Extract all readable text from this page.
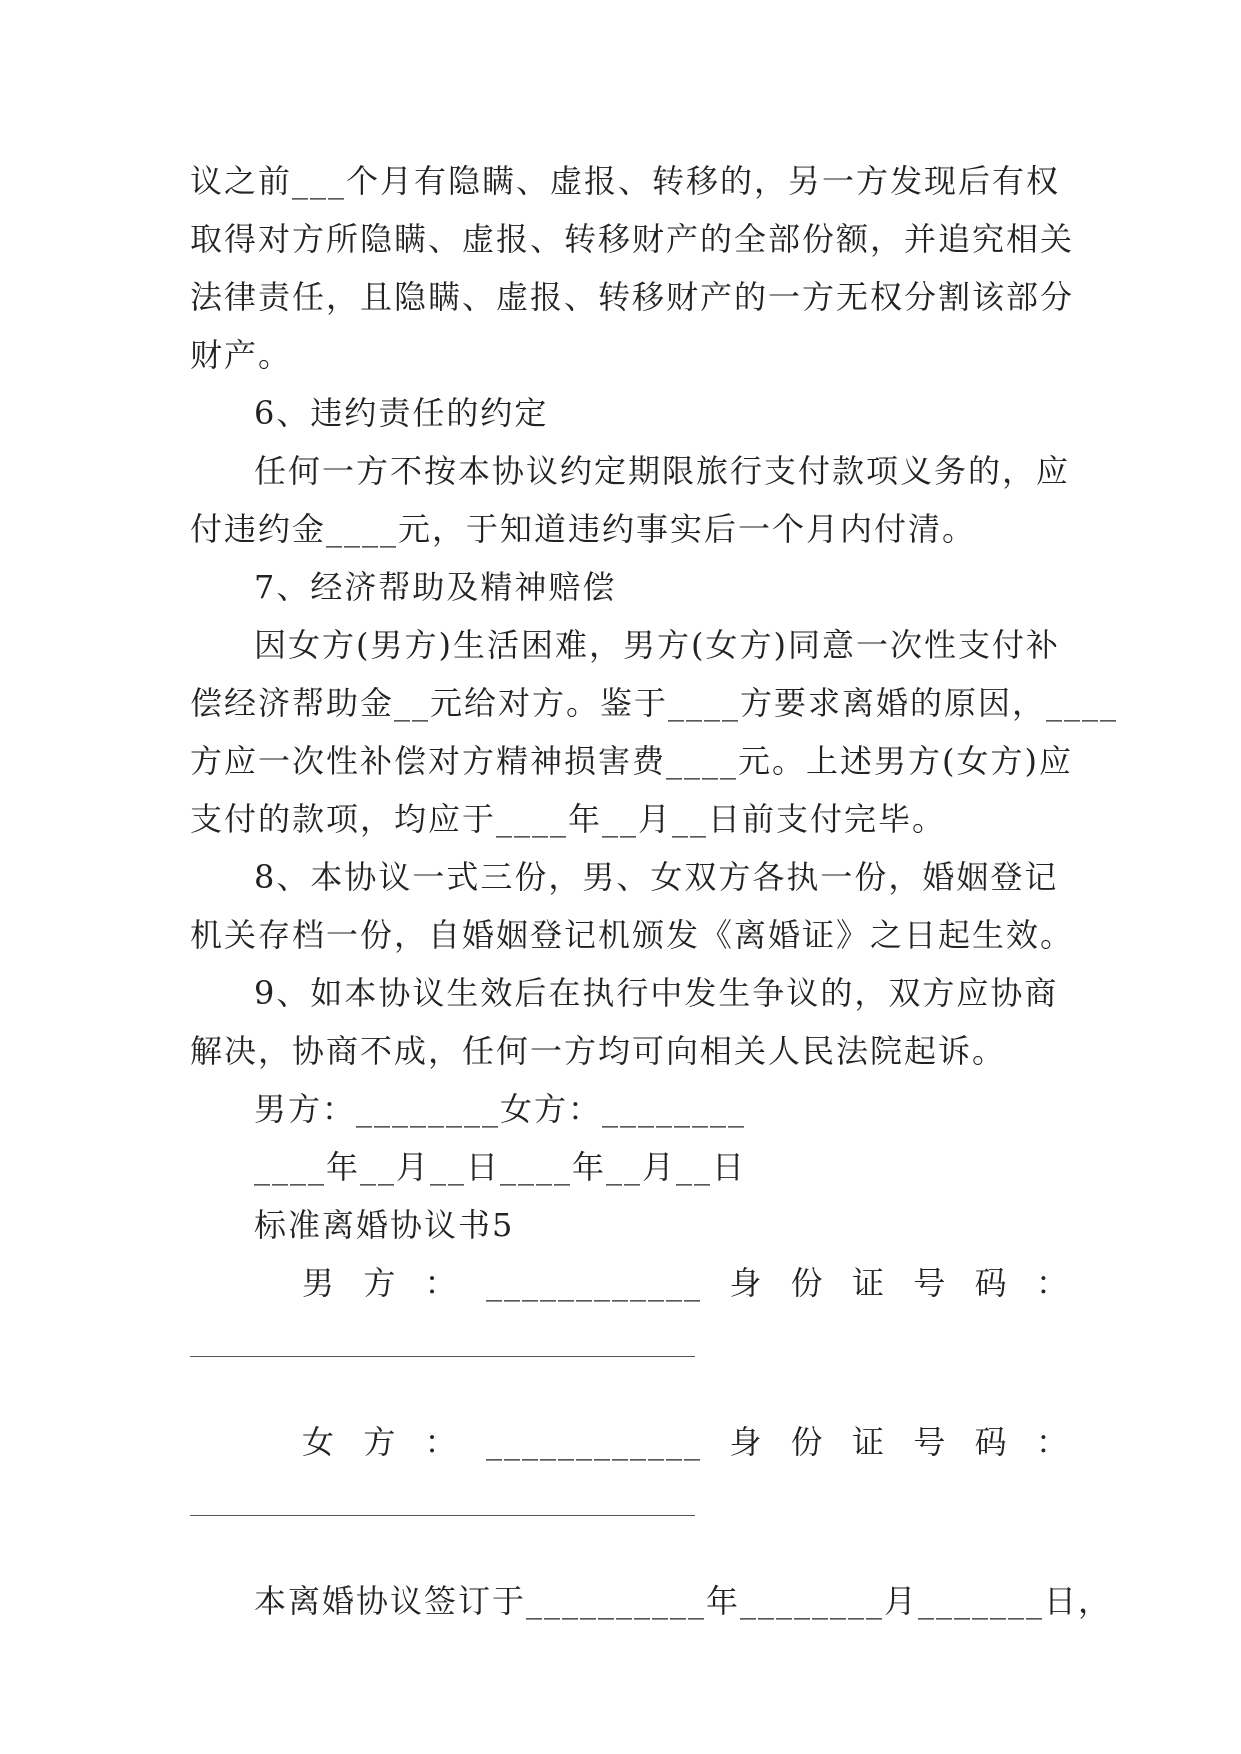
议之前___个月有隐瞒、虚报、转移的，另一方发现后有权
取得对方所隐瞒、虚报、转移财产的全部份额，并追究相关
法律责任，且隐瞒、虚报、转移财产的一方无权分割该部分
财产。
6、违约责任的约定
任何一方不按本协议约定期限旅行支付款项义务的，应
付违约金____元，于知道违约事实后一个月内付清。
7、经济帮助及精神赔偿
因女方(男方)生活困难，男方(女方)同意一次性支付补
偿经济帮助金__元给对方。鉴于____方要求离婚的原因，____
方应一次性补偿对方精神损害费____元。上述男方(女方)应
支付的款项，均应于____年__月__日前支付完毕。
8、本协议一式三份，男、女双方各执一份，婚姻登记
机关存档一份，自婚姻登记机颁发《离婚证》之日起生效。
9、如本协议生效后在执行中发生争议的，双方应协商
解决，协商不成，任何一方均可向相关人民法院起诉。
男方：________女方：________
____年__月__日____年__月__日
标准离婚协议书5
男方：____________身份证号码：
女方：____________身份证号码：
本离婚协议签订于__________年________月_______日，
